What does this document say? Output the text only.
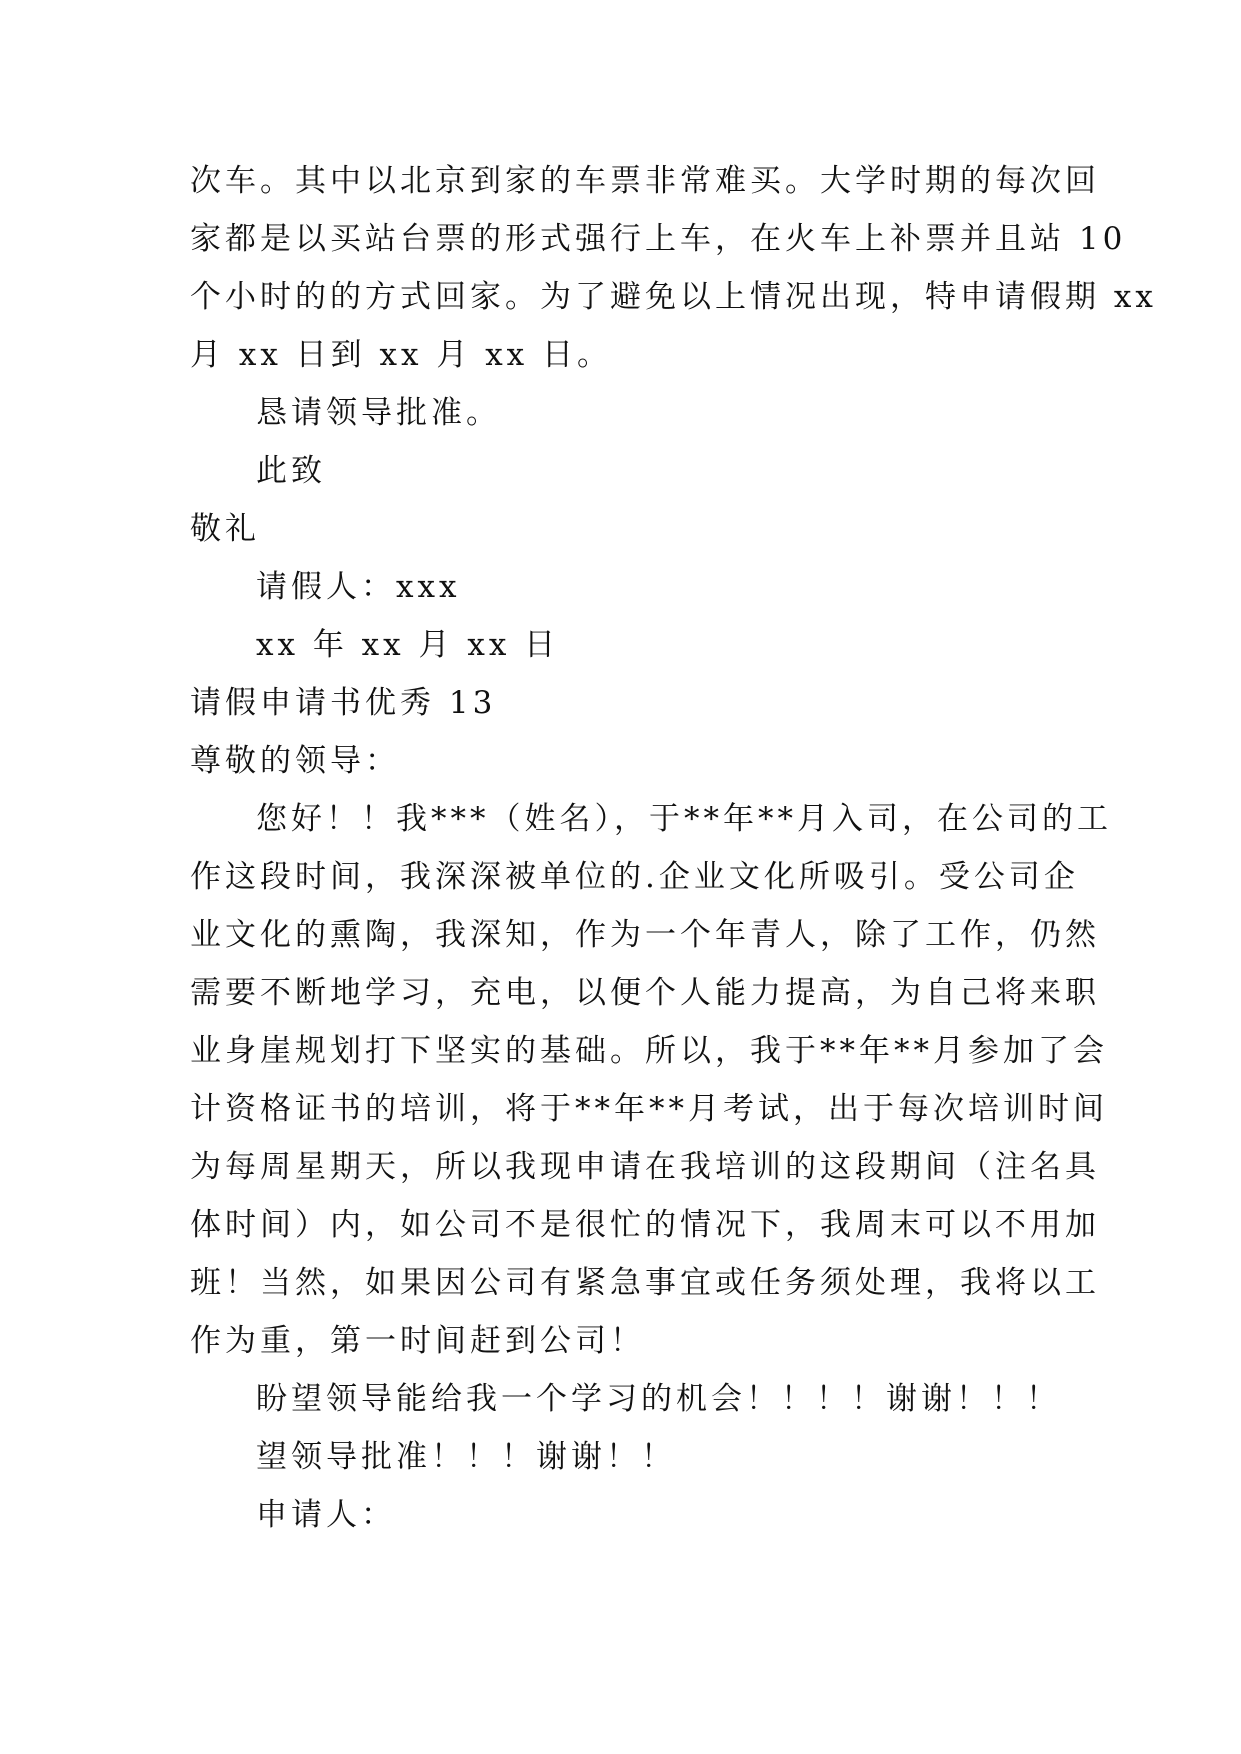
次车。其中以北京到家的车票非常难买。大学时期的每次回
家都是以买站台票的形式强行上车，在火车上补票并且站 10
个小时的的方式回家。为了避免以上情况出现，特申请假期 xx
月 xx 日到 xx 月 xx 日。
恳请领导批准。
此致
敬礼
请假人：xxx
xx 年 xx 月 xx 日
请假申请书优秀 13
尊敬的领导：
您好！！我***（姓名），于**年**月入司，在公司的工
作这段时间，我深深被单位的.企业文化所吸引。受公司企
业文化的熏陶，我深知，作为一个年青人，除了工作，仍然
需要不断地学习，充电，以便个人能力提高，为自己将来职
业身崖规划打下坚实的基础。所以，我于**年**月参加了会
计资格证书的培训，将于**年**月考试，出于每次培训时间
为每周星期天，所以我现申请在我培训的这段期间（注名具
体时间）内，如公司不是很忙的情况下，我周末可以不用加
班！当然，如果因公司有紧急事宜或任务须处理，我将以工
作为重，第一时间赶到公司！
盼望领导能给我一个学习的机会！！！！谢谢！！！
望领导批准！！！谢谢！！
申请人：
